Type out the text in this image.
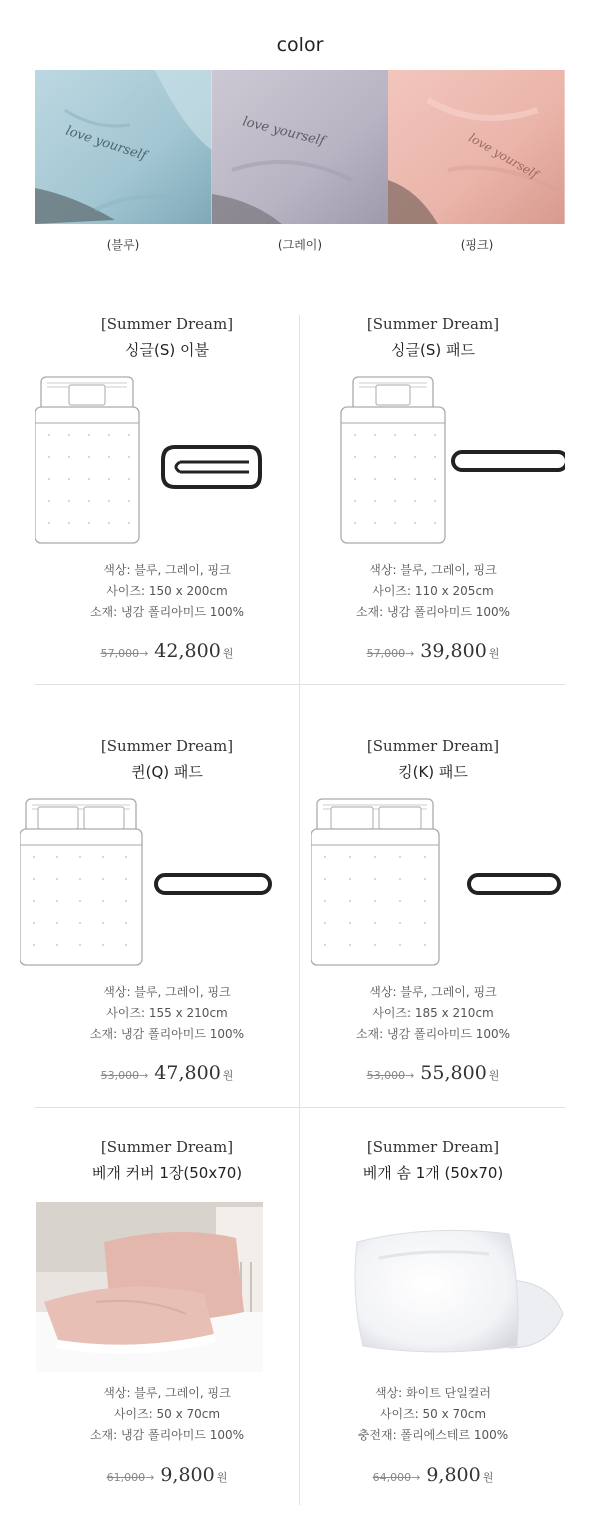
color
love yourself	love yourself	love yourself
(블루)	(그레이)	(핑크)
[Summer Dream]
싱글(S) 이불
색상: 블루, 그레이, 핑크
사이즈: 150 x 200cm
소재: 냉감 폴리아미드 100%
57,000→ 42,800 원
[Summer Dream]
싱글(S) 패드
색상: 블루, 그레이, 핑크
사이즈: 110 x 205cm
소재: 냉감 폴리아미드 100%
57,000→ 39,800 원
[Summer Dream]
퀸(Q) 패드
색상: 블루, 그레이, 핑크
사이즈: 155 x 210cm
소재: 냉감 폴리아미드 100%
53,000→ 47,800 원
[Summer Dream]
킹(K) 패드
색상: 블루, 그레이, 핑크
사이즈: 185 x 210cm
소재: 냉감 폴리아미드 100%
53,000→ 55,800 원
[Summer Dream]
베개 커버 1장(50x70)
색상: 블루, 그레이, 핑크
사이즈: 50 x 70cm
소재: 냉감 폴리아미드 100%
61,000→ 9,800 원
[Summer Dream]
베개 솜 1개 (50x70)
색상: 화이트 단일컬러
사이즈: 50 x 70cm
충전재: 폴리에스테르 100%
64,000→ 9,800 원
